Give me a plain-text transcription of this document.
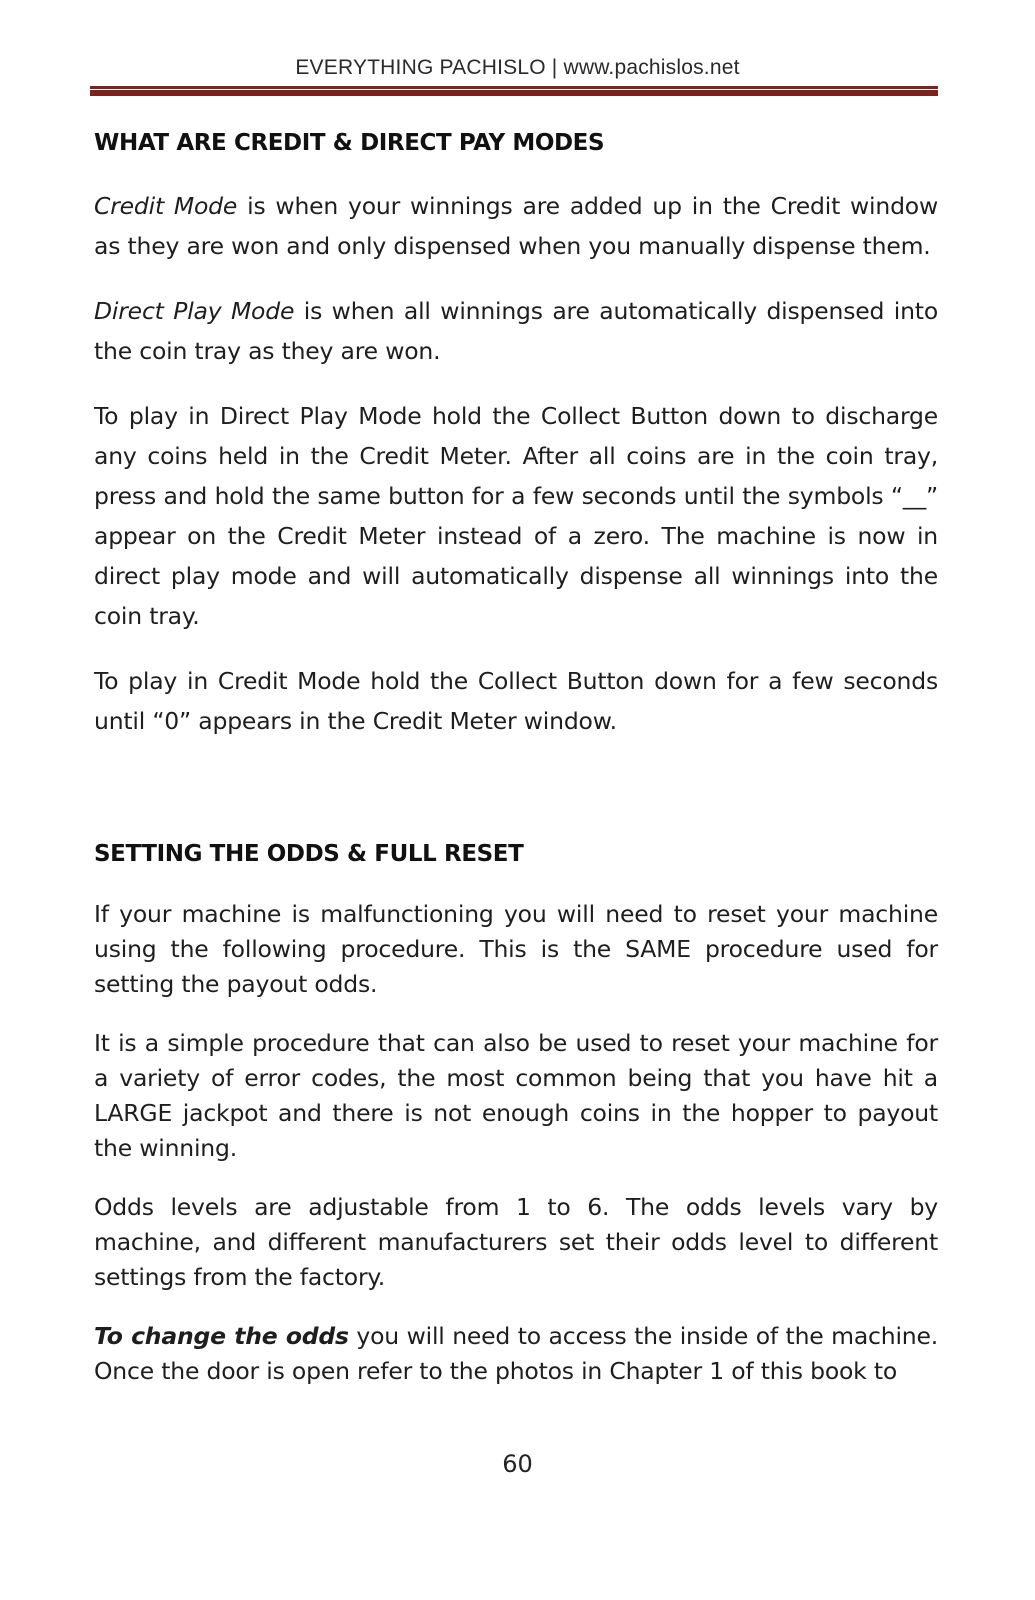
EVERYTHING PACHISLO | www.pachislos.net
WHAT ARE CREDIT & DIRECT PAY MODES

Credit Mode is when your winnings are added up in the Credit window as they are won and only dispensed when you manually dispense them.

Direct Play Mode is when all winnings are automatically dispensed into the coin tray as they are won.

To play in Direct Play Mode hold the Collect Button down to discharge any coins held in the Credit Meter. After all coins are in the coin tray, press and hold the same button for a few seconds until the symbols “__” appear on the Credit Meter instead of a zero. The machine is now in direct play mode and will automatically dispense all winnings into the coin tray.

To play in Credit Mode hold the Collect Button down for a few seconds until “0” appears in the Credit Meter window.

SETTING THE ODDS & FULL RESET

If your machine is malfunctioning you will need to reset your machine using the following procedure. This is the SAME procedure used for setting the payout odds.

It is a simple procedure that can also be used to reset your machine for a variety of error codes, the most common being that you have hit a LARGE jackpot and there is not enough coins in the hopper to payout the winning.

Odds levels are adjustable from 1 to 6. The odds levels vary by machine, and different manufacturers set their odds level to different settings from the factory.

To change the odds you will need to access the inside of the machine. Once the door is open refer to the photos in Chapter 1 of this book to

60
